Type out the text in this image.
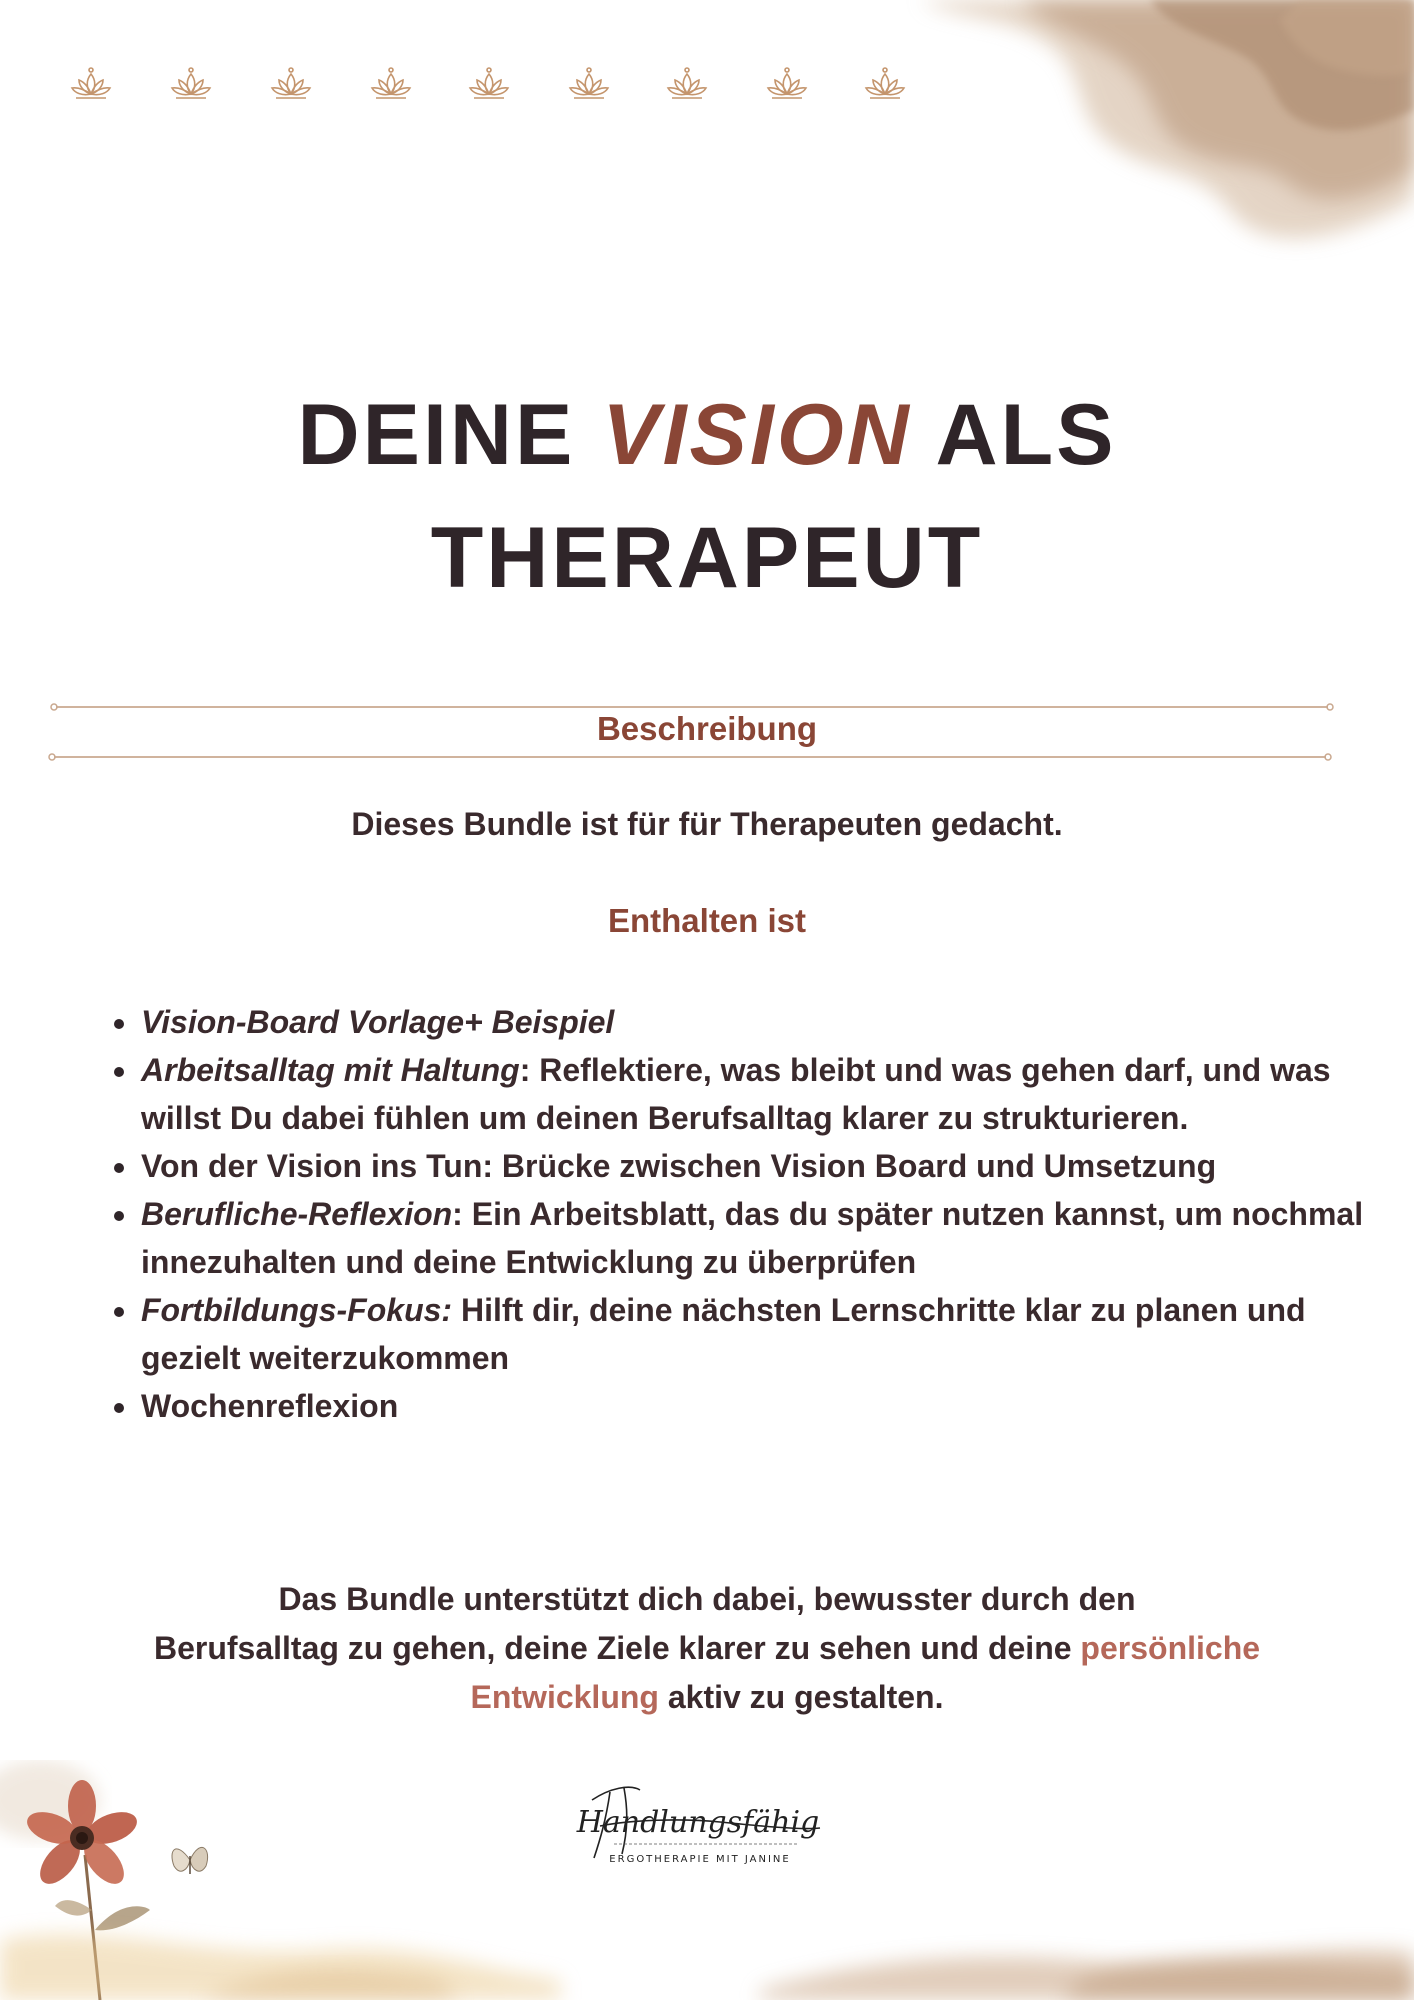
DEINE VISION ALS
THERAPEUT
Beschreibung

Dieses Bundle ist für für Therapeuten gedacht.

Enthalten ist
• Vision-Board Vorlage+ Beispiel
• Arbeitsalltag mit Haltung: Reflektiere, was bleibt und was gehen darf, und was willst Du dabei fühlen um deinen Berufsalltag klarer zu strukturieren.
• Von der Vision ins Tun: Brücke zwischen Vision Board und Umsetzung
• Berufliche-Reflexion: Ein Arbeitsblatt, das du später nutzen kannst, um nochmal innezuhalten und deine Entwicklung zu überprüfen
• Fortbildungs-Fokus: Hilft dir, deine nächsten Lernschritte klar zu planen und gezielt weiterzukommen
• Wochenreflexion

Das Bundle unterstützt dich dabei, bewusster durch den
Berufsalltag zu gehen, deine Ziele klarer zu sehen und deine persönliche Entwicklung aktiv zu gestalten.

Handlungsfähig
ERGOTHERAPIE MIT JANINE
